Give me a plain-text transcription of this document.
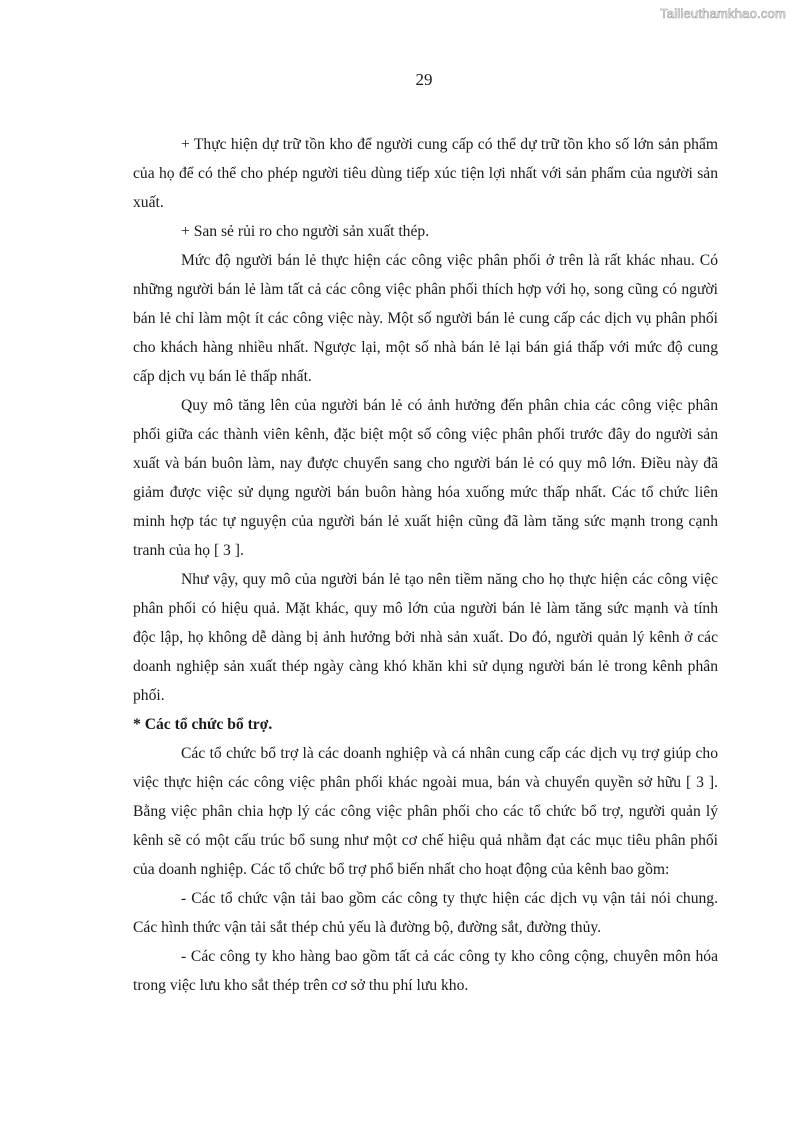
Tailieuthamkhao.com
29

+ Thực hiện dự trữ tồn kho để người cung cấp có thể dự trữ tồn kho số lớn sản phẩm của họ để có thể cho phép người tiêu dùng tiếp xúc tiện lợi nhất với sản phẩm của người sản xuất.

+ San sẻ rủi ro cho người sản xuất thép.

Mức độ người bán lẻ thực hiện các công việc phân phối ở trên là rất khác nhau. Có những người bán lẻ làm tất cả các công việc phân phối thích hợp với họ, song cũng có người bán lẻ chỉ làm một ít các công việc này. Một số người bán lẻ cung cấp các dịch vụ phân phối cho khách hàng nhiều nhất. Ngược lại, một số nhà bán lẻ lại bán giá thấp với mức độ cung cấp dịch vụ bán lẻ thấp nhất.

Quy mô tăng lên của người bán lẻ có ảnh hưởng đến phân chia các công việc phân phối giữa các thành viên kênh, đặc biệt một số công việc phân phối trước đây do người sản xuất và bán buôn làm, nay được chuyển sang cho người bán lẻ có quy mô lớn. Điều này đã giảm được việc sử dụng người bán buôn hàng hóa xuống mức thấp nhất. Các tổ chức liên minh hợp tác tự nguyện của người bán lẻ xuất hiện cũng đã làm tăng sức mạnh trong cạnh tranh của họ [ 3 ].

Như vậy, quy mô của người bán lẻ tạo nên tiềm năng cho họ thực hiện các công việc phân phối có hiệu quả. Mặt khác, quy mô lớn của người bán lẻ làm tăng sức mạnh và tính độc lập, họ không dễ dàng bị ảnh hưởng bởi nhà sản xuất. Do đó, người quản lý kênh ở các doanh nghiệp sản xuất thép ngày càng khó khăn khi sử dụng người bán lẻ trong kênh phân phối.

* Các tổ chức bổ trợ.

Các tổ chức bổ trợ là các doanh nghiệp và cá nhân cung cấp các dịch vụ trợ giúp cho việc thực hiện các công việc phân phối khác ngoài mua, bán và chuyển quyền sở hữu [ 3 ]. Bằng việc phân chia hợp lý các công việc phân phối cho các tổ chức bổ trợ, người quản lý kênh sẽ có một cấu trúc bổ sung như một cơ chế hiệu quả nhằm đạt các mục tiêu phân phối của doanh nghiệp. Các tổ chức bổ trợ phổ biến nhất cho hoạt động của kênh bao gồm:

- Các tổ chức vận tải bao gồm các công ty thực hiện các dịch vụ vận tải nói chung. Các hình thức vận tải sắt thép chủ yếu là đường bộ, đường sắt, đường thủy.

- Các công ty kho hàng bao gồm tất cả các công ty kho công cộng, chuyên môn hóa trong việc lưu kho sắt thép trên cơ sở thu phí lưu kho.
